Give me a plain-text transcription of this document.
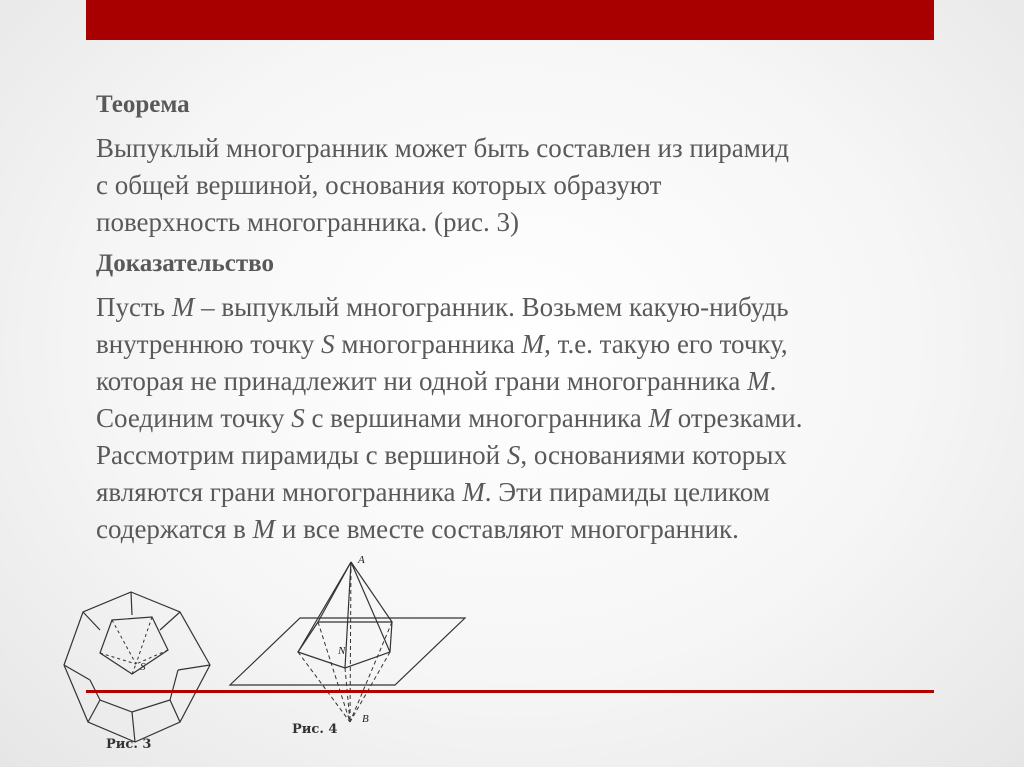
Теорема
Выпуклый многогранник может быть составлен из пирамид
с общей вершиной, основания которых образуют
поверхность многогранника. (рис. 3)
Доказательство
Пусть M – выпуклый многогранник. Возьмем какую-нибудь
внутреннюю точку S многогранника M, т.е. такую его точку,
которая не принадлежит ни одной грани многогранника M.
Соединим точку S с вершинами многогранника M отрезками.
Рассмотрим пирамиды с вершиной S, основаниями которых
являются грани многогранника M. Эти пирамиды целиком
содержатся в M и все вместе составляют многогранник.
S
Рис. 3
A
N
B
Рис. 4
